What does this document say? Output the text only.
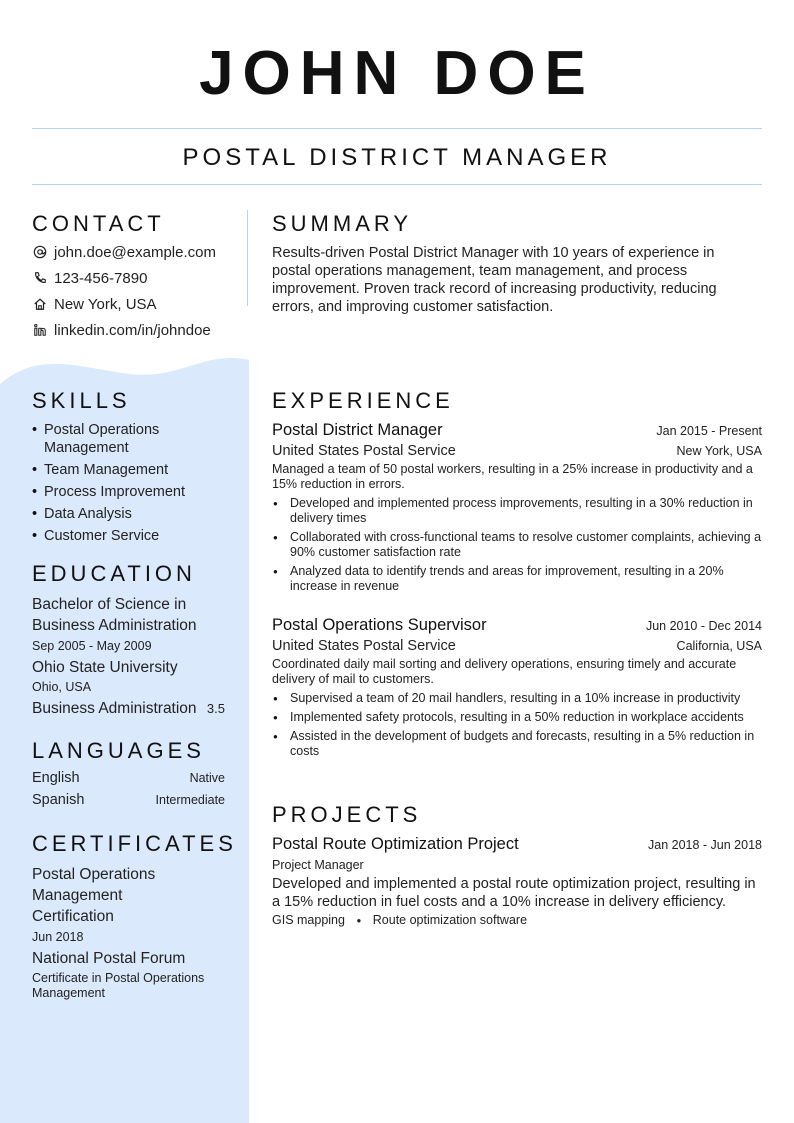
JOHN DOE
POSTAL DISTRICT MANAGER
CONTACT
john.doe@example.com
123-456-7890
New York, USA
linkedin.com/in/johndoe
SUMMARY
Results-driven Postal District Manager with 10 years of experience in postal operations management, team management, and process improvement. Proven track record of increasing productivity, reducing errors, and improving customer satisfaction.
SKILLS
• Postal Operations Management
• Team Management
• Process Improvement
• Data Analysis
• Customer Service
EDUCATION
Bachelor of Science in Business Administration
Sep 2005 - May 2009
Ohio State University
Ohio, USA
Business Administration 3.5
LANGUAGES
English	Native
Spanish	Intermediate
CERTIFICATES
Postal Operations Management Certification
Jun 2018
National Postal Forum
Certificate in Postal Operations Management
EXPERIENCE
Postal District Manager	Jan 2015 - Present
United States Postal Service	New York, USA
Managed a team of 50 postal workers, resulting in a 25% increase in productivity and a 15% reduction in errors.
● Developed and implemented process improvements, resulting in a 30% reduction in delivery times
● Collaborated with cross-functional teams to resolve customer complaints, achieving a 90% customer satisfaction rate
● Analyzed data to identify trends and areas for improvement, resulting in a 20% increase in revenue
Postal Operations Supervisor	Jun 2010 - Dec 2014
United States Postal Service	California, USA
Coordinated daily mail sorting and delivery operations, ensuring timely and accurate delivery of mail to customers.
● Supervised a team of 20 mail handlers, resulting in a 10% increase in productivity
● Implemented safety protocols, resulting in a 50% reduction in workplace accidents
● Assisted in the development of budgets and forecasts, resulting in a 5% reduction in costs
PROJECTS
Postal Route Optimization Project	Jan 2018 - Jun 2018
Project Manager
Developed and implemented a postal route optimization project, resulting in a 15% reduction in fuel costs and a 10% increase in delivery efficiency.
GIS mapping ● Route optimization software
